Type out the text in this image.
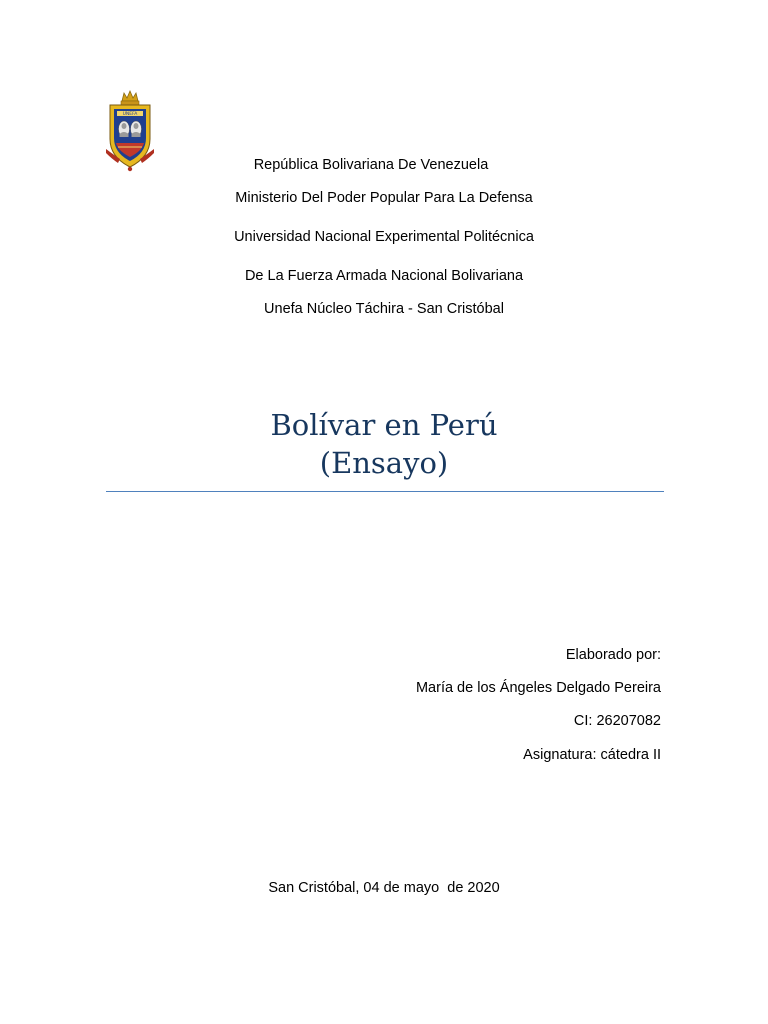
UNEFA
República Bolivariana De Venezuela
Ministerio Del Poder Popular Para La Defensa
Universidad Nacional Experimental Politécnica
De La Fuerza Armada Nacional Bolivariana
Unefa Núcleo Táchira - San Cristóbal
Bolívar en Perú
(Ensayo)
Elaborado por:
María de los Ángeles Delgado Pereira
CI: 26207082
Asignatura: cátedra II
San Cristóbal, 04 de mayo  de 2020
